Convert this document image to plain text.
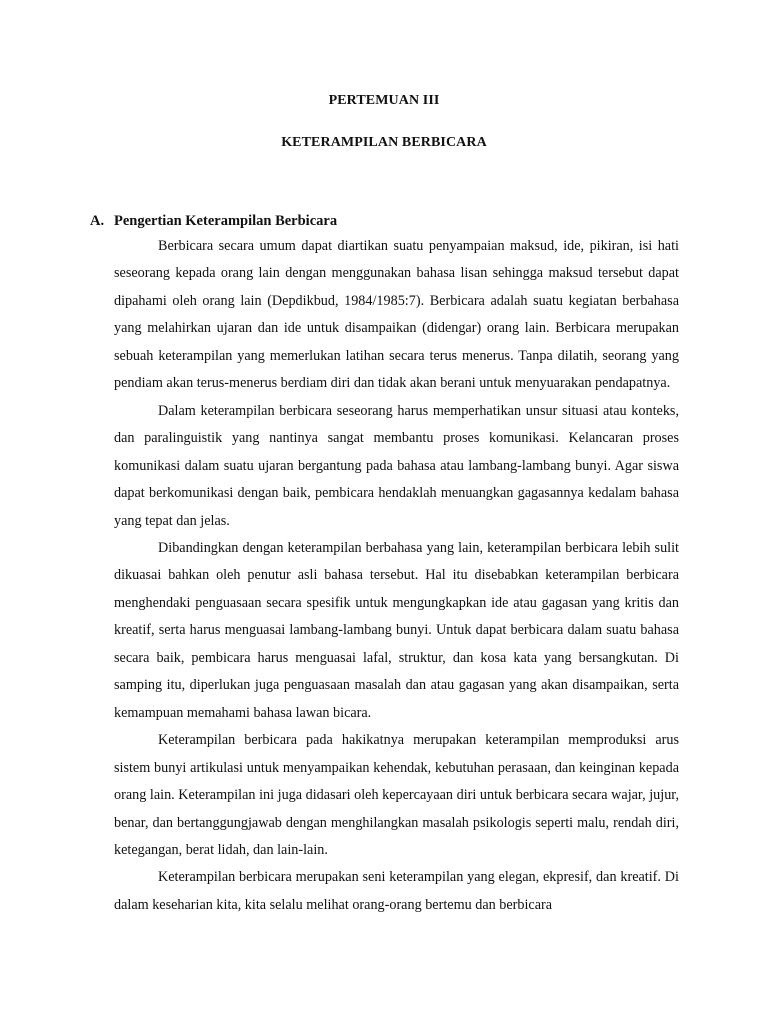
PERTEMUAN III
KETERAMPILAN BERBICARA
A. Pengertian Keterampilan Berbicara

Berbicara secara umum dapat diartikan suatu penyampaian maksud, ide, pikiran, isi hati seseorang kepada orang lain dengan menggunakan bahasa lisan sehingga maksud tersebut dapat dipahami oleh orang lain (Depdikbud, 1984/1985:7). Berbicara adalah suatu kegiatan berbahasa yang melahirkan ujaran dan ide untuk disampaikan (didengar) orang lain. Berbicara merupakan sebuah keterampilan yang memerlukan latihan secara terus menerus. Tanpa dilatih, seorang yang pendiam akan terus-menerus berdiam diri dan tidak akan berani untuk menyuarakan pendapatnya.

Dalam keterampilan berbicara seseorang harus memperhatikan unsur situasi atau konteks, dan paralinguistik yang nantinya sangat membantu proses komunikasi. Kelancaran proses komunikasi dalam suatu ujaran bergantung pada bahasa atau lambang-lambang bunyi. Agar siswa dapat berkomunikasi dengan baik, pembicara hendaklah menuangkan gagasannya kedalam bahasa yang tepat dan jelas.

Dibandingkan dengan keterampilan berbahasa yang lain, keterampilan berbicara lebih sulit dikuasai bahkan oleh penutur asli bahasa tersebut. Hal itu disebabkan keterampilan berbicara menghendaki penguasaan secara spesifik untuk mengungkapkan ide atau gagasan yang kritis dan kreatif, serta harus menguasai lambang-lambang bunyi. Untuk dapat berbicara dalam suatu bahasa secara baik, pembicara harus menguasai lafal, struktur, dan kosa kata yang bersangkutan. Di samping itu, diperlukan juga penguasaan masalah dan atau gagasan yang akan disampaikan, serta kemampuan memahami bahasa lawan bicara.

Keterampilan berbicara pada hakikatnya merupakan keterampilan memproduksi arus sistem bunyi artikulasi untuk menyampaikan kehendak, kebutuhan perasaan, dan keinginan kepada orang lain. Keterampilan ini juga didasari oleh kepercayaan diri untuk berbicara secara wajar, jujur, benar, dan bertanggungjawab dengan menghilangkan masalah psikologis seperti malu, rendah diri, ketegangan, berat lidah, dan lain-lain.

Keterampilan berbicara merupakan seni keterampilan yang elegan, ekpresif, dan kreatif. Di dalam keseharian kita, kita selalu melihat orang-orang bertemu dan berbicara
